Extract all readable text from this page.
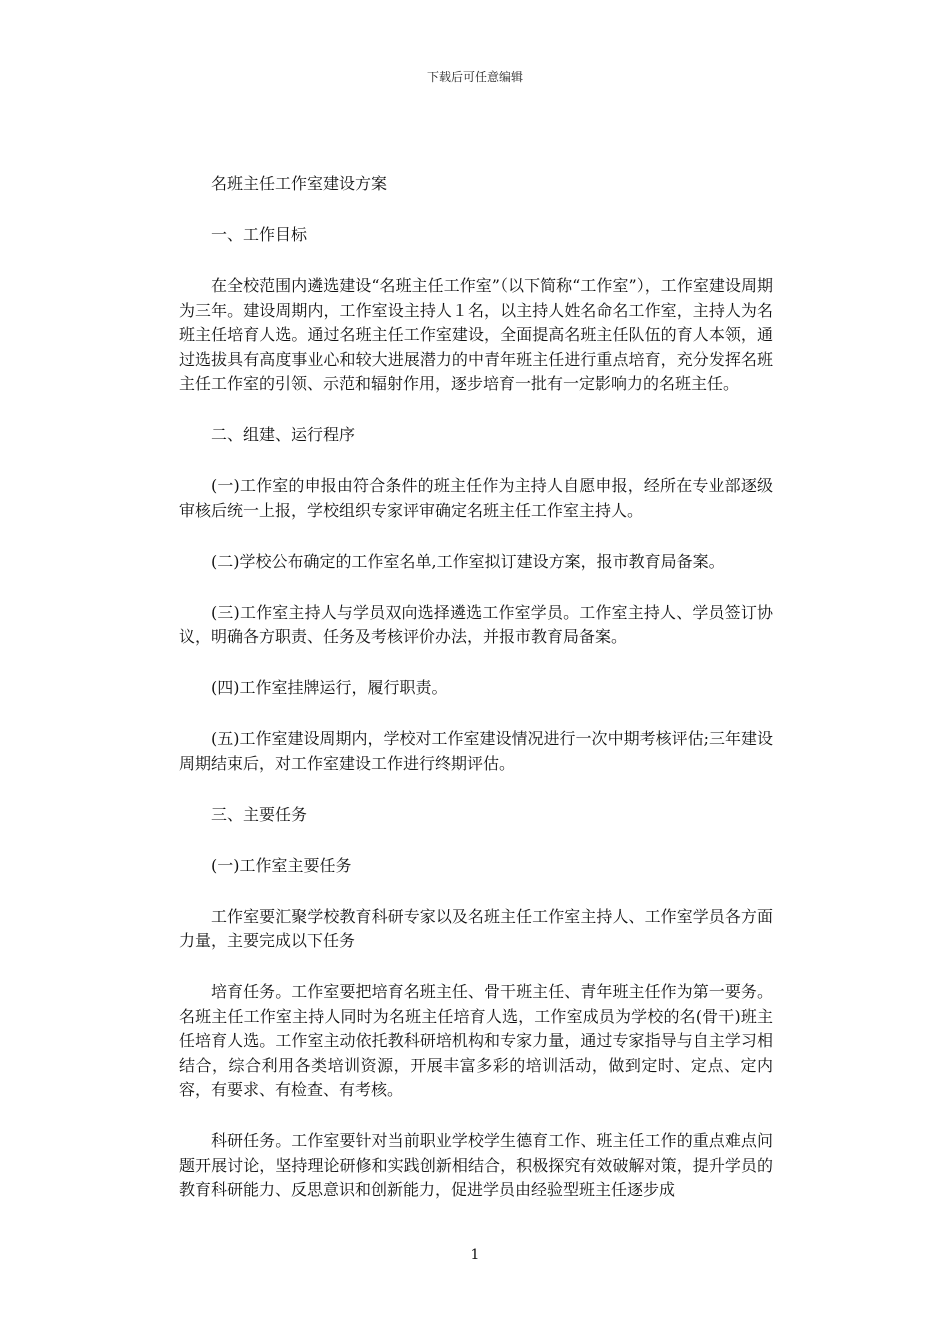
下载后可任意编辑

名班主任工作室建设方案

一、工作目标

在全校范围内遴选建设“名班主任工作室”（以下简称“工作室”），工作室建设周期为三年。建设周期内，工作室设主持人１名，以主持人姓名命名工作室，主持人为名班主任培育人选。通过名班主任工作室建设，全面提高名班主任队伍的育人本领，通过选拔具有高度事业心和较大进展潜力的中青年班主任进行重点培育，充分发挥名班主任工作室的引领、示范和辐射作用，逐步培育一批有一定影响力的名班主任。

二、组建、运行程序

(一)工作室的申报由符合条件的班主任作为主持人自愿申报，经所在专业部逐级审核后统一上报，学校组织专家评审确定名班主任工作室主持人。

(二)学校公布确定的工作室名单,工作室拟订建设方案，报市教育局备案。

(三)工作室主持人与学员双向选择遴选工作室学员。工作室主持人、学员签订协议，明确各方职责、任务及考核评价办法，并报市教育局备案。

(四)工作室挂牌运行，履行职责。

(五)工作室建设周期内，学校对工作室建设情况进行一次中期考核评估;三年建设周期结束后，对工作室建设工作进行终期评估。

三、主要任务

(一)工作室主要任务

工作室要汇聚学校教育科研专家以及名班主任工作室主持人、工作室学员各方面力量，主要完成以下任务

培育任务。工作室要把培育名班主任、骨干班主任、青年班主任作为第一要务。名班主任工作室主持人同时为名班主任培育人选，工作室成员为学校的名(骨干)班主任培育人选。工作室主动依托教科研培机构和专家力量，通过专家指导与自主学习相结合，综合利用各类培训资源，开展丰富多彩的培训活动，做到定时、定点、定内容，有要求、有检查、有考核。

科研任务。工作室要针对当前职业学校学生德育工作、班主任工作的重点难点问题开展讨论，坚持理论研修和实践创新相结合，积极探究有效破解对策，提升学员的教育科研能力、反思意识和创新能力，促进学员由经验型班主任逐步成

1
